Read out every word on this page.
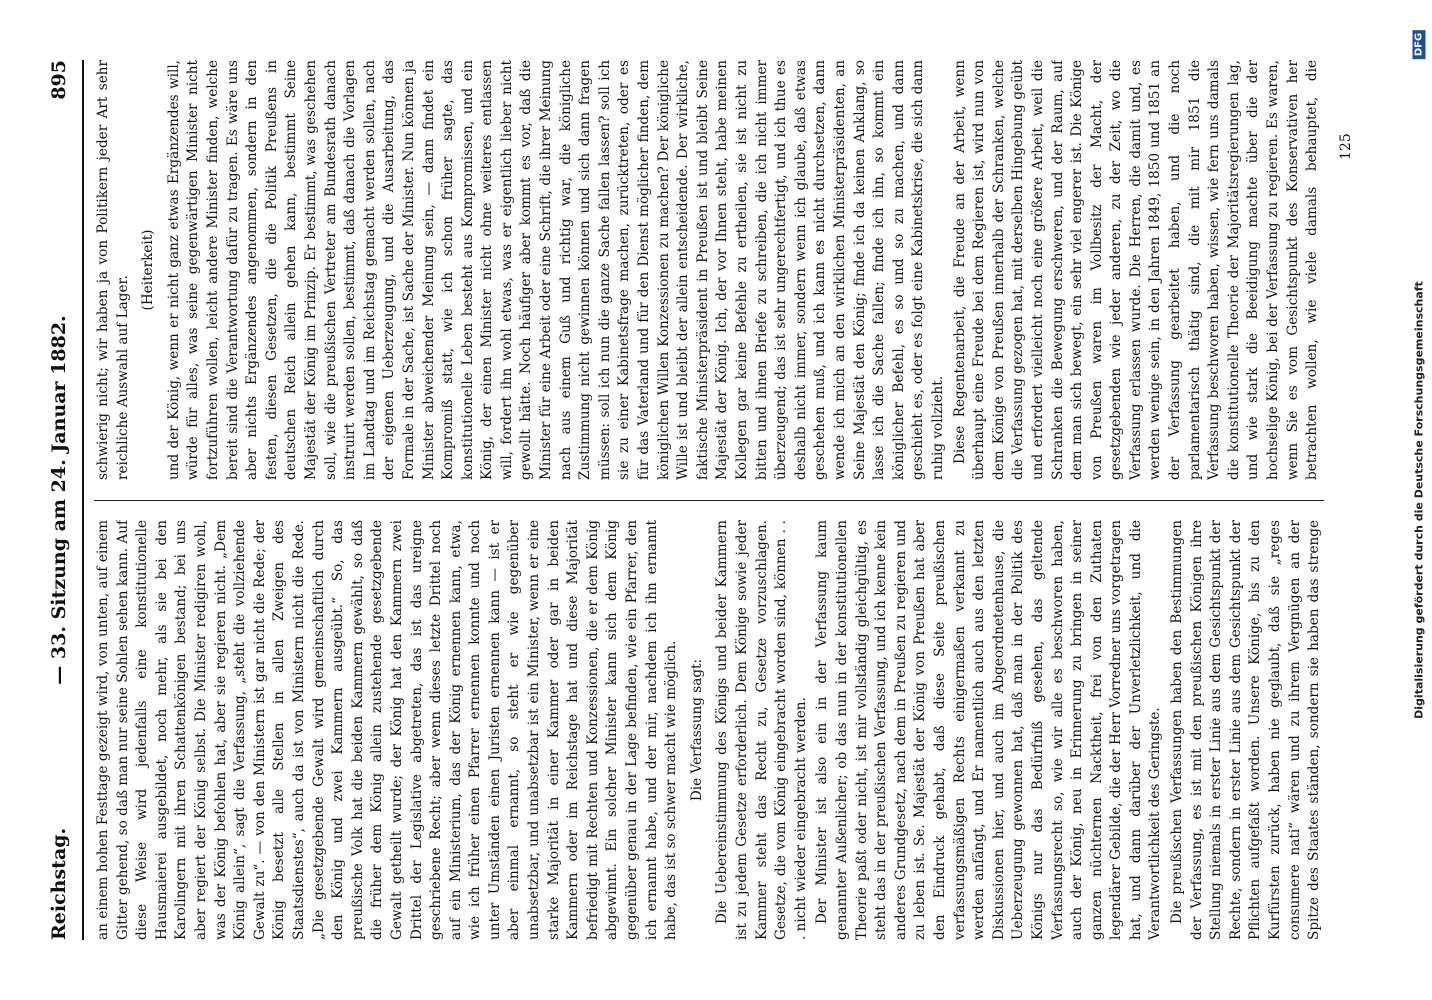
Reichstag.
— 33. Sitzung am 24. Januar 1882.
895

an einem hohen Festtage gezeigt wird, von unten, auf einem Gitter gehend, so daß man nur seine Sohlen sehen kann. Auf diese Weise wird jedenfalls eine konstitutionelle Hausmaierei ausgebildet, noch mehr, als sie bei den Karolingern mit ihren Schattenkönigen bestand; bei uns aber regiert der König selbst. Die Minister redigiren wohl, was der König befohlen hat, aber sie regieren nicht. „Dem König allein“, sagt die Verfassung, „steht die vollziehende Gewalt zu“. — von den Ministern ist gar nicht die Rede; der König besetzt alle Stellen in allen Zweigen des Staatsdienstes“, auch da ist von Ministern nicht die Rede. „Die gesetzgebende Gewalt wird gemeinschaftlich durch den König und zwei Kammern ausgeübt.“ So, das preußische Volk hat die beiden Kammern gewählt, so daß die früher dem König allein zustehende gesetzgebende Gewalt getheilt wurde; der König hat den Kammern zwei Drittel der Legislative abgetreten, das ist das ureigne geschriebene Recht; aber wenn dieses letzte Drittel noch auf ein Ministerium, das der König ernennen kann, etwa, wie ich früher einen Pfarrer ernennen konnte und noch unter Umständen einen Juristen ernennen kann — ist er aber einmal ernannt, so steht er wie gegenüber unabsetzbar, und unabsetzbar ist ein Minister, wenn er eine starke Majorität in einer Kammer oder gar in beiden Kammern oder im Reichstage hat und diese Majorität befriedigt mit Rechten und Konzessionen, die er dem König abgewinnt. Ein solcher Minister kann sich dem König gegenüber genau in der Lage befinden, wie ein Pfarrer, den ich ernannt habe, und der mir, nachdem ich ihn ernannt habe, das ist so schwer macht wie möglich. Die Verfassung sagt: Die Uebereinstimmung des Königs und beider Kammern ist zu jedem Gesetze erforderlich. Dem Könige sowie jeder Kammer steht das Recht zu, Gesetze vorzuschlagen. Gesetze, die vom König eingebracht worden sind, können . . . nicht wieder eingebracht werden. Der Minister ist also ein in der Verfassung kaum genannter Außenlicher; ob das nun in der konstitutionellen Theorie paßt oder nicht, ist mir vollständig gleichgültig, es steht das in der preußischen Verfassung, und ich kenne kein anderes Grundgesetz, nach dem in Preußen zu regieren und zu leben ist. Se. Majestät der König von Preußen hat aber den Eindruck gehabt, daß diese Seite preußischen verfassungsmäßigen Rechts einigermaßen verkannt zu werden anfängt, und Er namentlich auch aus den letzten Diskussionen hier, und auch im Abgeordnetenhause, die Ueberzeugung gewonnen hat, daß man in der Politik des Königs nur das Bedürfniß gesehen, das geltende Verfassungsrecht so, wie wir alle es beschworen haben, auch der König, neu in Erinnerung zu bringen in seiner ganzen nüchternen Nacktheit, frei von den Zuthaten legendärer Gebilde, die der Herr Vorredner uns vorgetragen hat, und dann darüber der Unverletzlichkeit, und die Verantwortlichkeit des Geringste. Die preußischen Verfassungen haben den Bestimmungen der Verfassung, es ist mit den preußischen Königen ihre Stellung niemals in erster Linie aus dem Gesichtspunkt der Rechte, sondern in erster Linie aus dem Gesichtspunkt der Pflichten aufgefaßt worden. Unsere Könige, bis zu den Kurfürsten zurück, haben nie geglaubt, daß sie „reges consumere nati“ wären und zu ihrem Vergnügen an der Spitze des Staates ständen, sondern sie haben das strenge

schwierig nicht; wir haben ja von Politikern jeder Art sehr reichliche Auswahl auf Lager.

(Heiterkeit) und der König, wenn er nicht ganz etwas Ergänzendes will, würde für alles, was seine gegenwärtigen Minister nicht fortzuführen wollen, leicht andere Minister finden, welche bereit sind die Verantwortung dafür zu tragen. Es wäre uns aber nichts Ergänzendes angenommen, sondern in den festen, diesen Gesetzen, die die Politik Preußens in deutschen Reich allein gehen kann, bestimmt Seine Majestät der König im Prinzip. Er bestimmt, was geschehen soll, wie die preußischen Vertreter am Bundesrath danach instruirt werden sollen, bestimmt, daß danach die Vorlagen im Landtag und im Reichstag gemacht werden sollen, nach der eigenen Ueberzeugung, und die Ausarbeitung, das Formale in der Sache, ist Sache der Minister. Nun können ja Minister abweichender Meinung sein, — dann findet ein Kompromiß statt, wie ich schon früher sagte, das konstitutionelle Leben besteht aus Kompromissen, und ein König, der einen Minister nicht ohne weiteres entlassen will, fordert ihn wohl etwas, was er eigentlich lieber nicht gewollt hätte. Noch häufiger aber kommt es vor, daß die Minister für eine Arbeit oder eine Schrift, die ihrer Meinung nach aus einem Guß und richtig war, die königliche Zustimmung nicht gewinnen können und sich dann fragen müssen: soll ich nun die ganze Sache fallen lassen? soll ich sie zu einer Kabinetsfrage machen, zurücktreten, oder es für das Vaterland und für den Dienst möglicher finden, dem königlichen Willen Konzessionen zu machen? Der königliche Wille ist und bleibt der allein entscheidende. Der wirkliche, faktische Ministerpräsident in Preußen ist und bleibt Seine Majestät der König. Ich, der vor Ihnen steht, habe meinen Kollegen gar keine Befehle zu ertheilen, sie ist nicht zu bitten und ihnen Briefe zu schreiben, die ich nicht immer überzeugend; das ist sehr ungerechtfertigt, und ich thue es deshalb nicht immer, sondern wenn ich glaube, daß etwas geschehen muß, und ich kann es nicht durchsetzen, dann wende ich mich an den wirklichen Ministerpräsidenten, an Seine Majestät den König; finde ich da keinen Anklang, so lasse ich die Sache fallen; finde ich ihn, so kommt ein königlicher Befehl, es so und so zu machen, und dann geschieht es, oder es folgt eine Kabinetskrise, die sich dann ruhig vollzieht. Diese Regentenarbeit, die Freude an der Arbeit, wenn überhaupt eine Freude bei dem Regieren ist, wird nun von dem Könige von Preußen innerhalb der Schranken, welche die Verfassung gezogen hat, mit derselben Hingebung geübt und erfordert vielleicht noch eine größere Arbeit, weil die Schranken die Bewegung erschweren, und der Raum, auf dem man sich bewegt, ein sehr viel engerer ist. Die Könige von Preußen waren im Vollbesitz der Macht, der gesetzgebenden wie jeder anderen, zu der Zeit, wo die Verfassung erlassen wurde. Die Herren, die damit und, es werden wenige sein, in den Jahren 1849, 1850 und 1851 an der Verfassung gearbeitet haben, und die noch parlamentarisch thätig sind, die mit mir 1851 die Verfassung beschworen haben, wissen, wie fern uns damals die konstitutionelle Theorie der Majoritätsregierungen lag, und wie stark die Beeidigung machte über die der hochselige König, bei der Verfassung zu regieren. Es waren, wenn Sie es vom Gesichtspunkt des Konservativen her betrachten wollen, wie viele damals behauptet, die

125
Digitalisierung gefördert durch die Deutsche Forschungsgemeinschaft
DFG
